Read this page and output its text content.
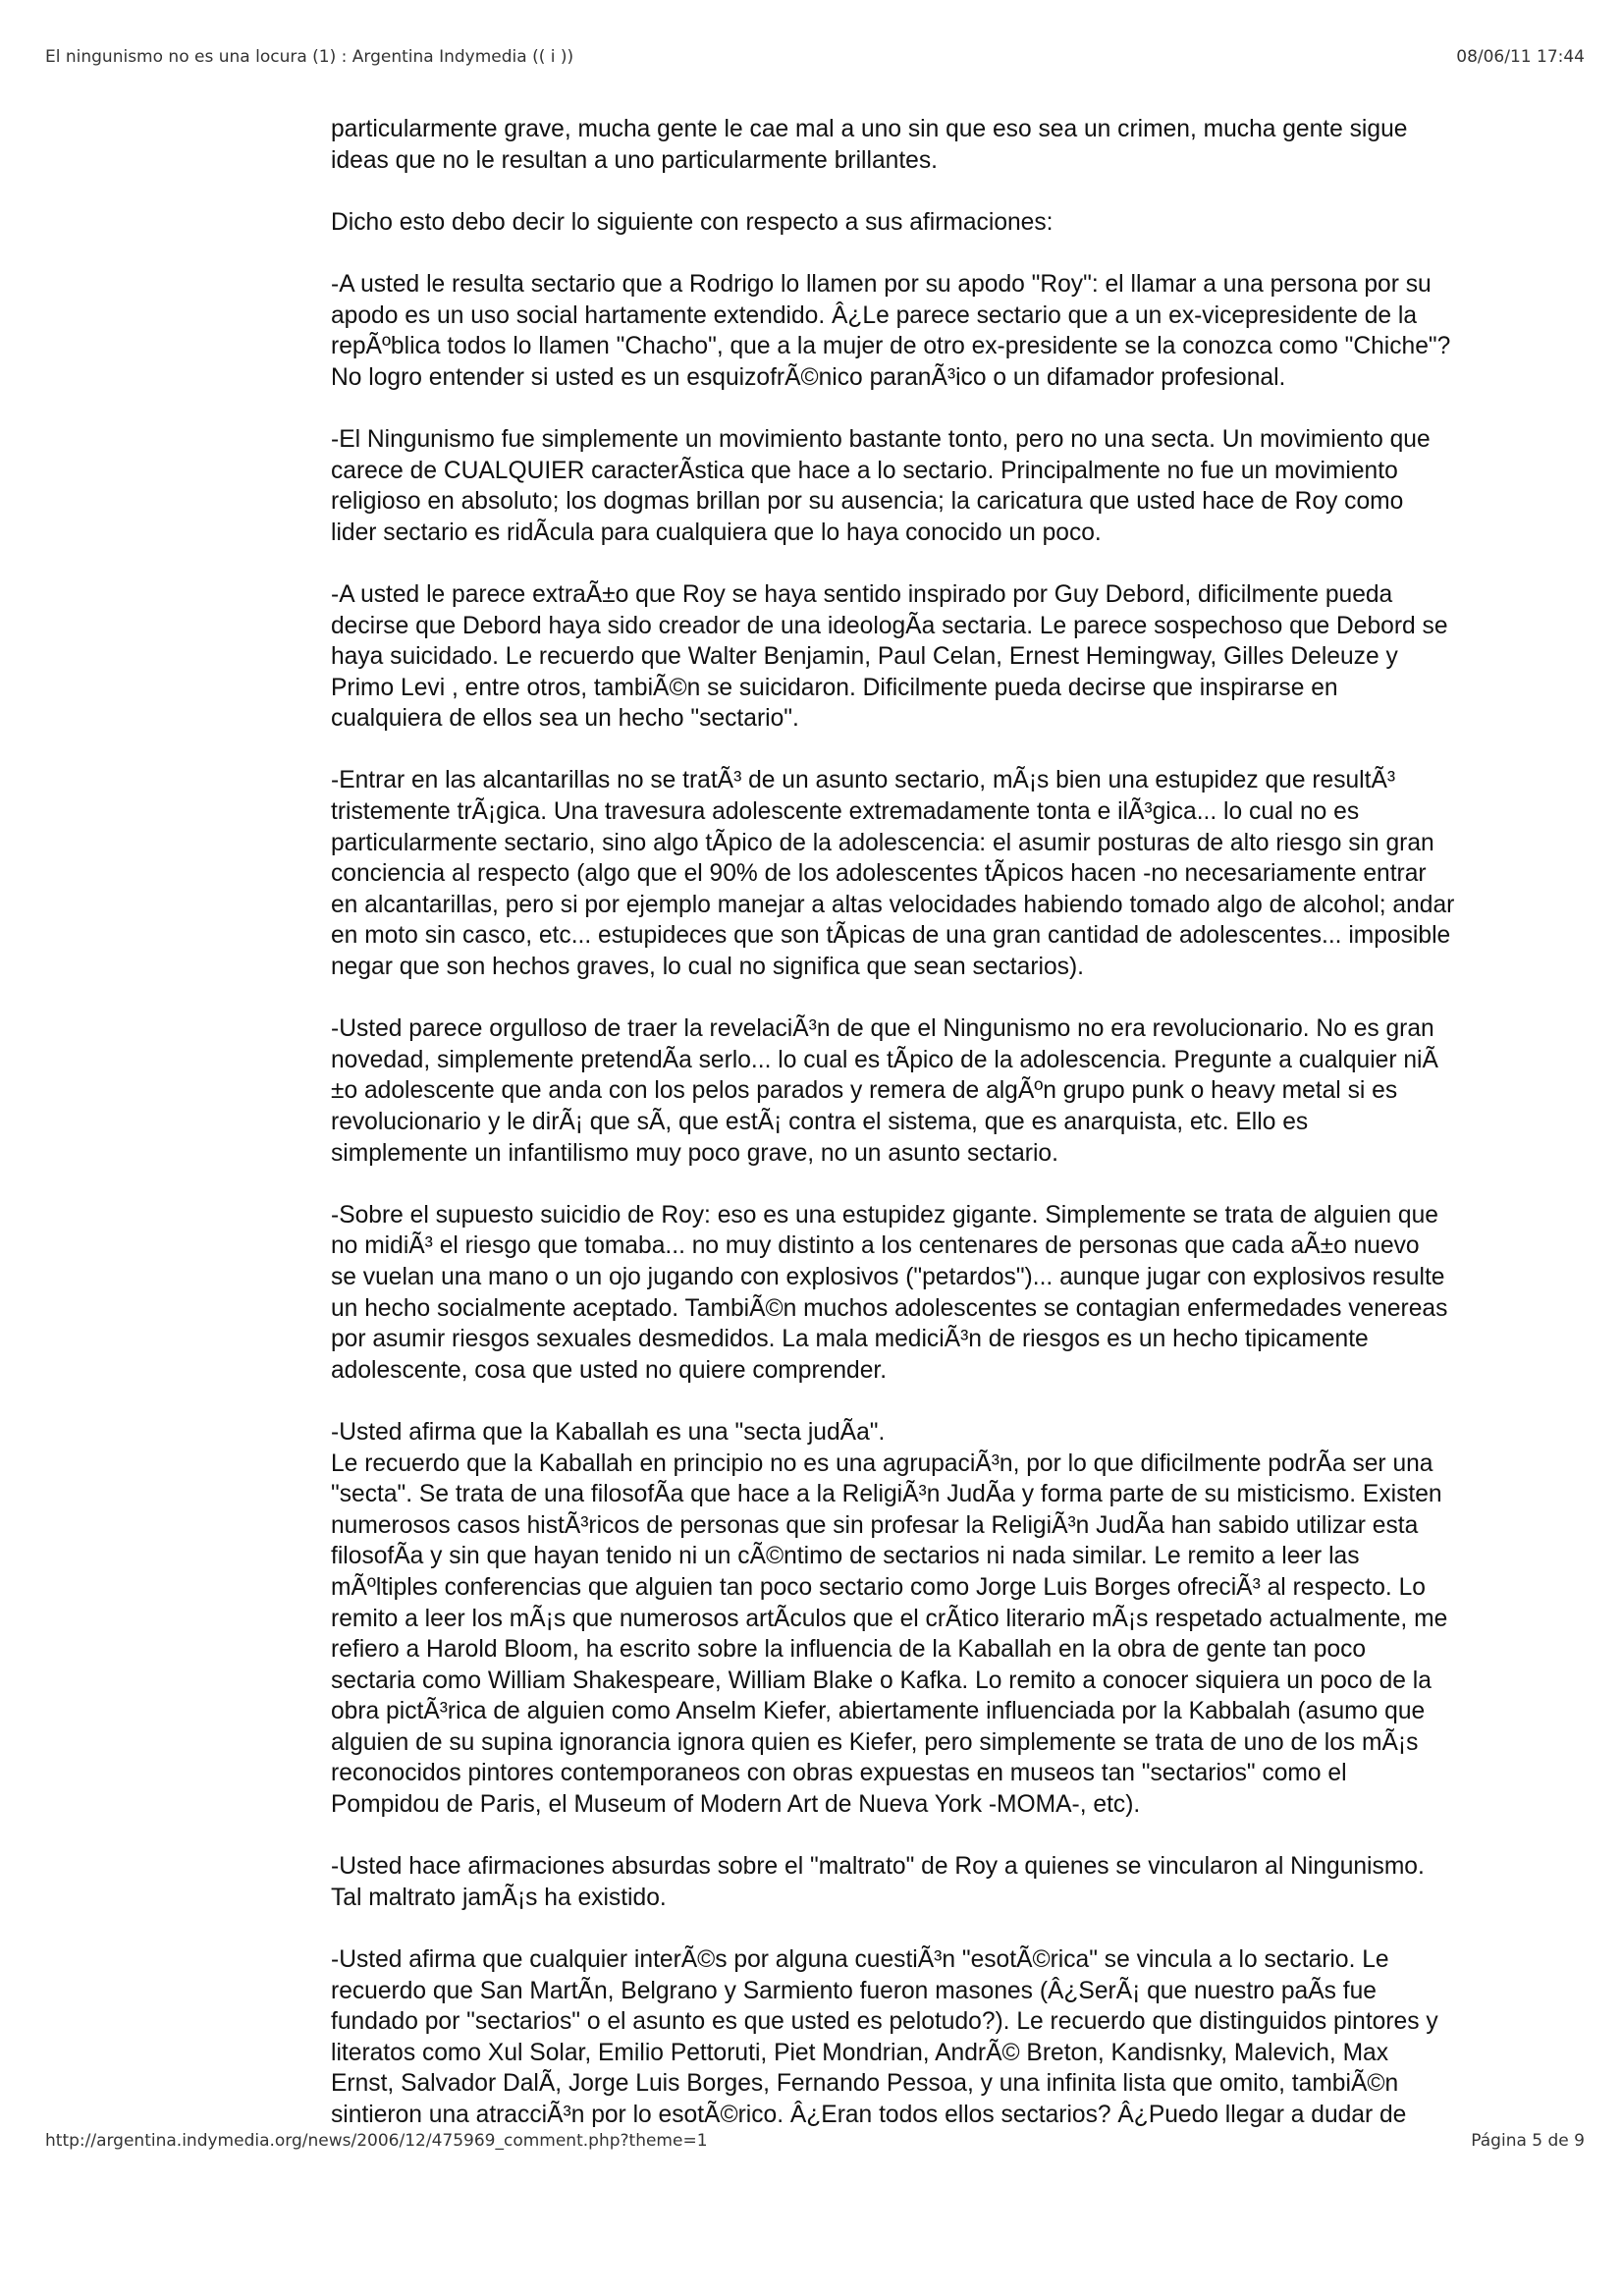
El ningunismo no es una locura (1) : Argentina Indymedia (( i ))	08/06/11 17:44

particularmente grave, mucha gente le cae mal a uno sin que eso sea un crimen, mucha gente sigue
ideas que no le resultan a uno particularmente brillantes.

Dicho esto debo decir lo siguiente con respecto a sus afirmaciones:

-A usted le resulta sectario que a Rodrigo lo llamen por su apodo "Roy": el llamar a una persona por su
apodo es un uso social hartamente extendido. Â¿Le parece sectario que a un ex-vicepresidente de la
repÃºblica todos lo llamen "Chacho", que a la mujer de otro ex-presidente se la conozca como "Chiche"?
No logro entender si usted es un esquizofrÃ©nico paranÃ³ico o un difamador profesional.

-El Ningunismo fue simplemente un movimiento bastante tonto, pero no una secta. Un movimiento que
carece de CUALQUIER caracterÃstica que hace a lo sectario. Principalmente no fue un movimiento
religioso en absoluto; los dogmas brillan por su ausencia; la caricatura que usted hace de Roy como
lider sectario es ridÃcula para cualquiera que lo haya conocido un poco.

-A usted le parece extraÃ±o que Roy se haya sentido inspirado por Guy Debord, dificilmente pueda
decirse que Debord haya sido creador de una ideologÃa sectaria. Le parece sospechoso que Debord se
haya suicidado. Le recuerdo que Walter Benjamin, Paul Celan, Ernest Hemingway, Gilles Deleuze y
Primo Levi , entre otros, tambiÃ©n se suicidaron. Dificilmente pueda decirse que inspirarse en
cualquiera de ellos sea un hecho "sectario".

-Entrar en las alcantarillas no se tratÃ³ de un asunto sectario, mÃ¡s bien una estupidez que resultÃ³
tristemente trÃ¡gica. Una travesura adolescente extremadamente tonta e ilÃ³gica... lo cual no es
particularmente sectario, sino algo tÃpico de la adolescencia: el asumir posturas de alto riesgo sin gran
conciencia al respecto (algo que el 90% de los adolescentes tÃpicos hacen -no necesariamente entrar
en alcantarillas, pero si por ejemplo manejar a altas velocidades habiendo tomado algo de alcohol; andar
en moto sin casco, etc... estupideces que son tÃpicas de una gran cantidad de adolescentes... imposible
negar que son hechos graves, lo cual no significa que sean sectarios).

-Usted parece orgulloso de traer la revelaciÃ³n de que el Ningunismo no era revolucionario. No es gran
novedad, simplemente pretendÃa serlo... lo cual es tÃpico de la adolescencia. Pregunte a cualquier niÃ
±o adolescente que anda con los pelos parados y remera de algÃºn grupo punk o heavy metal si es
revolucionario y le dirÃ¡ que sÃ, que estÃ¡ contra el sistema, que es anarquista, etc. Ello es
simplemente un infantilismo muy poco grave, no un asunto sectario.

-Sobre el supuesto suicidio de Roy: eso es una estupidez gigante. Simplemente se trata de alguien que
no midiÃ³ el riesgo que tomaba... no muy distinto a los centenares de personas que cada aÃ±o nuevo
se vuelan una mano o un ojo jugando con explosivos ("petardos")... aunque jugar con explosivos resulte
un hecho socialmente aceptado. TambiÃ©n muchos adolescentes se contagian enfermedades venereas
por asumir riesgos sexuales desmedidos. La mala mediciÃ³n de riesgos es un hecho tipicamente
adolescente, cosa que usted no quiere comprender.

-Usted afirma que la Kaballah es una "secta judÃa".
Le recuerdo que la Kaballah en principio no es una agrupaciÃ³n, por lo que dificilmente podrÃa ser una
"secta". Se trata de una filosofÃa que hace a la ReligiÃ³n JudÃa y forma parte de su misticismo. Existen
numerosos casos histÃ³ricos de personas que sin profesar la ReligiÃ³n JudÃa han sabido utilizar esta
filosofÃa y sin que hayan tenido ni un cÃ©ntimo de sectarios ni nada similar. Le remito a leer las
mÃºltiples conferencias que alguien tan poco sectario como Jorge Luis Borges ofreciÃ³ al respecto. Lo
remito a leer los mÃ¡s que numerosos artÃculos que el crÃtico literario mÃ¡s respetado actualmente, me
refiero a Harold Bloom, ha escrito sobre la influencia de la Kaballah en la obra de gente tan poco
sectaria como William Shakespeare, William Blake o Kafka. Lo remito a conocer siquiera un poco de la
obra pictÃ³rica de alguien como Anselm Kiefer, abiertamente influenciada por la Kabbalah (asumo que
alguien de su supina ignorancia ignora quien es Kiefer, pero simplemente se trata de uno de los mÃ¡s
reconocidos pintores contemporaneos con obras expuestas en museos tan "sectarios" como el
Pompidou de Paris, el Museum of Modern Art de Nueva York -MOMA-, etc).

-Usted hace afirmaciones absurdas sobre el "maltrato" de Roy a quienes se vincularon al Ningunismo.
Tal maltrato jamÃ¡s ha existido.

-Usted afirma que cualquier interÃ©s por alguna cuestiÃ³n "esotÃ©rica" se vincula a lo sectario. Le
recuerdo que San MartÃn, Belgrano y Sarmiento fueron masones (Â¿SerÃ¡ que nuestro paÃs fue
fundado por "sectarios" o el asunto es que usted es pelotudo?). Le recuerdo que distinguidos pintores y
literatos como Xul Solar, Emilio Pettoruti, Piet Mondrian, AndrÃ© Breton, Kandisnky, Malevich, Max
Ernst, Salvador DalÃ, Jorge Luis Borges, Fernando Pessoa, y una infinita lista que omito, tambiÃ©n
sintieron una atracciÃ³n por lo esotÃ©rico. Â¿Eran todos ellos sectarios? Â¿Puedo llegar a dudar de

http://argentina.indymedia.org/news/2006/12/475969_comment.php?theme=1	Página 5 de 9
